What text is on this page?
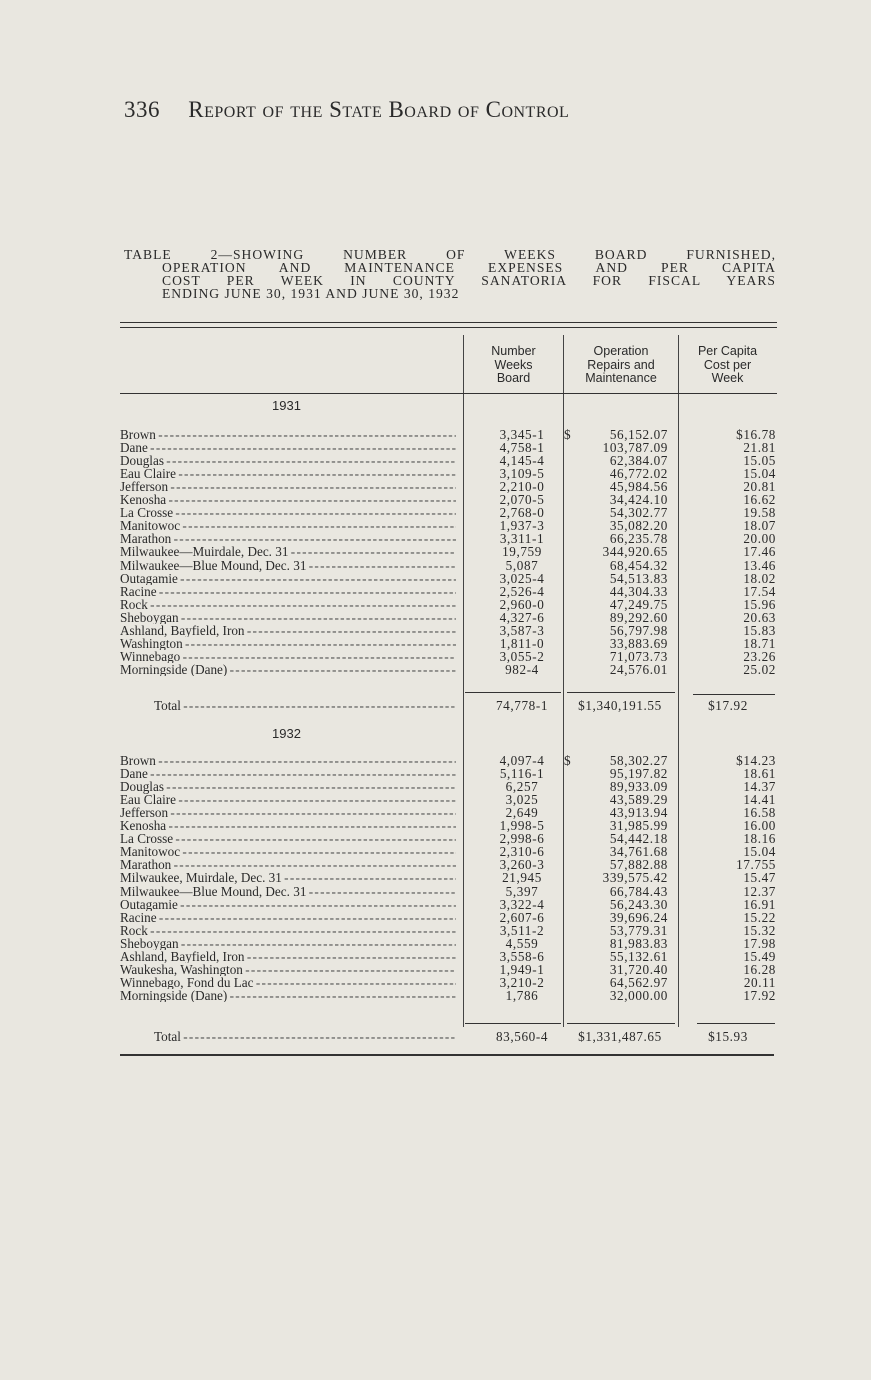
336 Report of the State Board of Control
TABLE 2—SHOWING NUMBER OF WEEKS BOARD FURNISHED,
OPERATION AND MAINTENANCE EXPENSES AND PER CAPITA
COST PER WEEK IN COUNTY SANATORIA FOR FISCAL YEARS
ENDING JUNE 30, 1931 AND JUNE 30, 1932
Number
Weeks
Board
Operation
Repairs and
Maintenance
Per Capita
Cost per
Week
1931
Brown - - -	3,345-1	$	56,152.07	$16.78
Dane - - -	4,758-1	103,787.09	21.81
Douglas - - -	4,145-4	62,384.07	15.05
Eau Claire - - -	3,109-5	46,772.02	15.04
Jefferson - - -	2,210-0	45,984.56	20.81
Kenosha - - -	2,070-5	34,424.10	16.62
La Crosse - - -	2,768-0	54,302.77	19.58
Manitowoc - - -	1,937-3	35,082.20	18.07
Marathon - - -	3,311-1	66,235.78	20.00
Milwaukee—Muirdale, Dec. 31 - - -	19,759	344,920.65	17.46
Milwaukee—Blue Mound, Dec. 31 - - -	5,087	68,454.32	13.46
Outagamie - - -	3,025-4	54,513.83	18.02
Racine - - -	2,526-4	44,304.33	17.54
Rock - - -	2,960-0	47,249.75	15.96
Sheboygan - - -	4,327-6	89,292.60	20.63
Ashland, Bayfield, Iron - - -	3,587-3	56,797.98	15.83
Washington - - -	1,811-0	33,883.69	18.71
Winnebago - - -	3,055-2	71,073.73	23.26
Morningside (Dane) - - -	982-4	24,576.01	25.02
Total - - -	74,778-1	$1,340,191.55	$17.92
1932
Brown - - -	4,097-4	$	58,302.27	$14.23
Dane - - -	5,116-1	95,197.82	18.61
Douglas - - -	6,257	89,933.09	14.37
Eau Claire - - -	3,025	43,589.29	14.41
Jefferson - - -	2,649	43,913.94	16.58
Kenosha - - -	1,998-5	31,985.99	16.00
La Crosse - - -	2,998-6	54,442.18	18.16
Manitowoc - - -	2,310-6	34,761.68	15.04
Marathon - - -	3,260-3	57,882.88	17.755
Milwaukee, Muirdale, Dec. 31 - - -	21,945	339,575.42	15.47
Milwaukee—Blue Mound, Dec. 31 - - -	5,397	66,784.43	12.37
Outagamie - - -	3,322-4	56,243.30	16.91
Racine - - -	2,607-6	39,696.24	15.22
Rock - - -	3,511-2	53,779.31	15.32
Sheboygan - - -	4,559	81,983.83	17.98
Ashland, Bayfield, Iron - - -	3,558-6	55,132.61	15.49
Waukesha, Washington - - -	1,949-1	31,720.40	16.28
Winnebago, Fond du Lac - - -	3,210-2	64,562.97	20.11
Morningside (Dane) - - -	1,786	32,000.00	17.92
Total - - -	83,560-4	$1,331,487.65	$15.93
